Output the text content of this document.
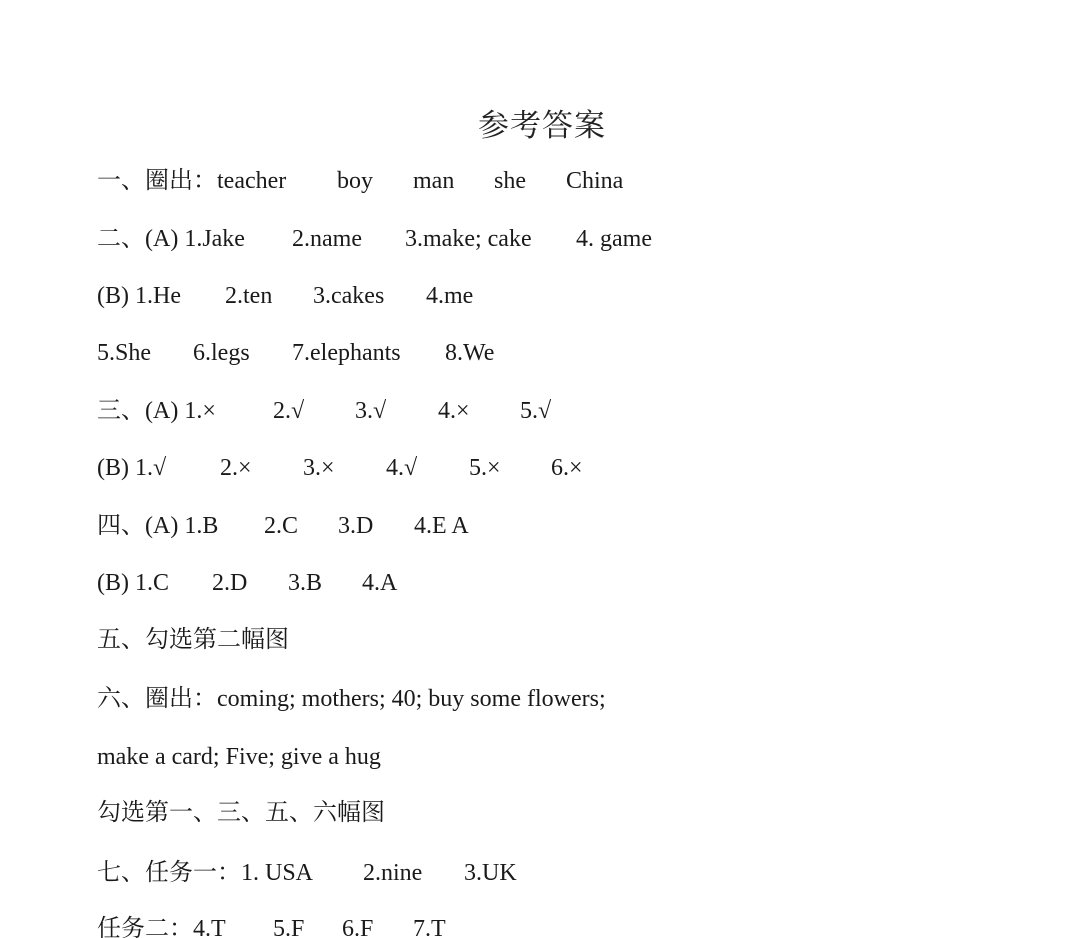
参考答案
一、圈出：teacher boy man she China
二、(A) 1.Jake 2.name 3.make; cake 4. game
(B) 1.He 2.ten 3.cakes 4.me
5.She 6.legs 7.elephants 8.We
三、(A) 1.× 2.√ 3.√ 4.× 5.√
(B) 1.√ 2.× 3.× 4.√ 5.× 6.×
四、(A) 1.B 2.C 3.D 4.E A
(B) 1.C 2.D 3.B 4.A
五、勾选第二幅图
六、圈出：coming; mothers; 40; buy some flowers;
make a card; Five; give a hug
勾选第一、三、五、六幅图
七、任务一：1. USA 2.nine 3.UK
任务二：4.T 5.F 6.F 7.T
